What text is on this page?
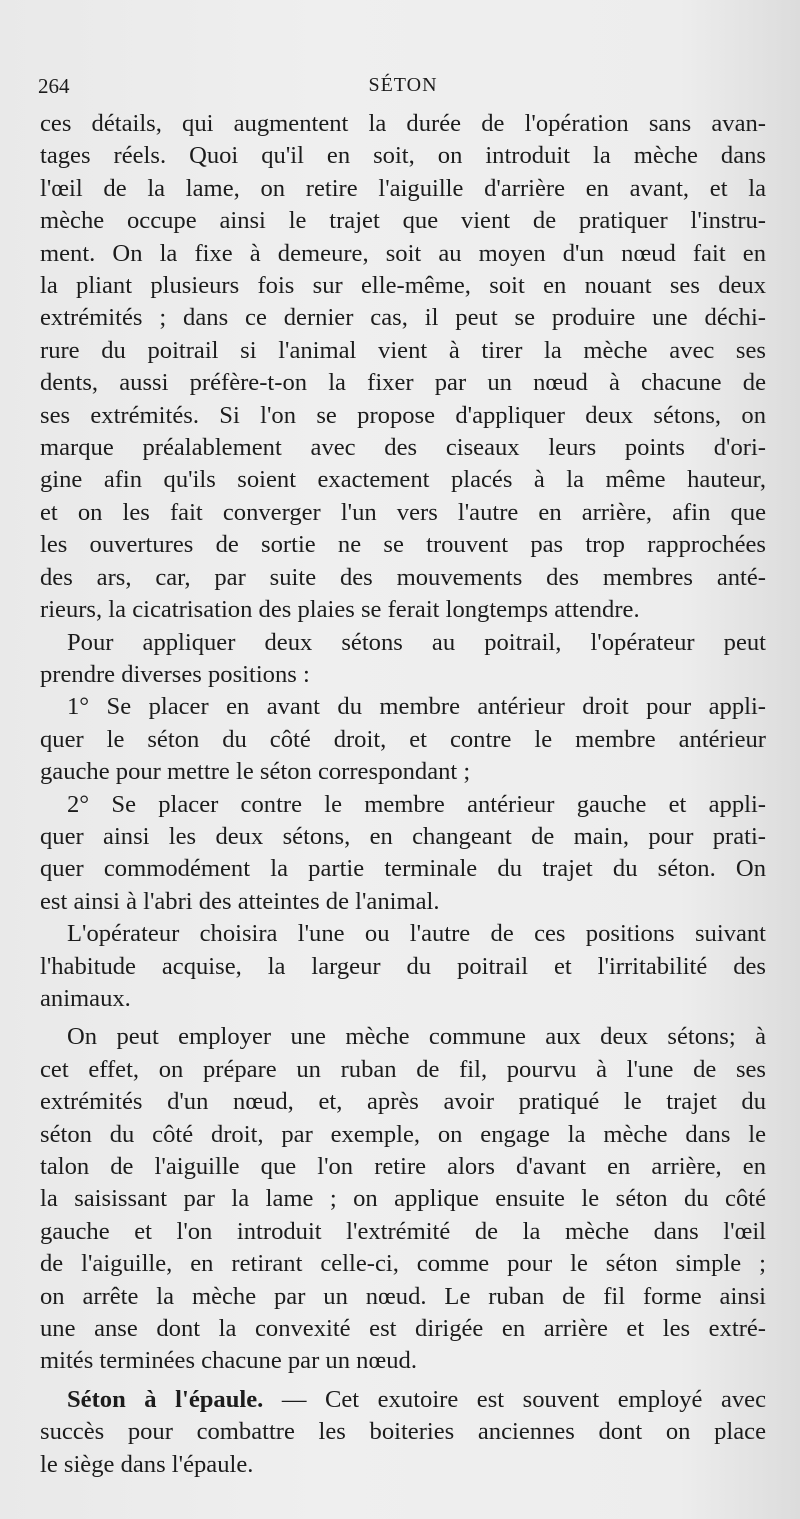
264	SÉTON

ces détails, qui augmentent la durée de l'opération sans avan-
tages réels. Quoi qu'il en soit, on introduit la mèche dans
l'œil de la lame, on retire l'aiguille d'arrière en avant, et la
mèche occupe ainsi le trajet que vient de pratiquer l'instru-
ment. On la fixe à demeure, soit au moyen d'un nœud fait en
la pliant plusieurs fois sur elle-même, soit en nouant ses deux
extrémités ; dans ce dernier cas, il peut se produire une déchi-
rure du poitrail si l'animal vient à tirer la mèche avec ses
dents, aussi préfère-t-on la fixer par un nœud à chacune de
ses extrémités. Si l'on se propose d'appliquer deux sétons, on
marque préalablement avec des ciseaux leurs points d'ori-
gine afin qu'ils soient exactement placés à la même hauteur,
et on les fait converger l'un vers l'autre en arrière, afin que
les ouvertures de sortie ne se trouvent pas trop rapprochées
des ars, car, par suite des mouvements des membres anté-
rieurs, la cicatrisation des plaies se ferait longtemps attendre.

Pour appliquer deux sétons au poitrail, l'opérateur peut
prendre diverses positions :

1° Se placer en avant du membre antérieur droit pour appli-
quer le séton du côté droit, et contre le membre antérieur
gauche pour mettre le séton correspondant ;

2° Se placer contre le membre antérieur gauche et appli-
quer ainsi les deux sétons, en changeant de main, pour prati-
quer commodément la partie terminale du trajet du séton. On
est ainsi à l'abri des atteintes de l'animal.

L'opérateur choisira l'une ou l'autre de ces positions suivant
l'habitude acquise, la largeur du poitrail et l'irritabilité des
animaux.

On peut employer une mèche commune aux deux sétons; à
cet effet, on prépare un ruban de fil, pourvu à l'une de ses
extrémités d'un nœud, et, après avoir pratiqué le trajet du
séton du côté droit, par exemple, on engage la mèche dans le
talon de l'aiguille que l'on retire alors d'avant en arrière, en
la saisissant par la lame ; on applique ensuite le séton du côté
gauche et l'on introduit l'extrémité de la mèche dans l'œil
de l'aiguille, en retirant celle-ci, comme pour le séton simple ;
on arrête la mèche par un nœud. Le ruban de fil forme ainsi
une anse dont la convexité est dirigée en arrière et les extré-
mités terminées chacune par un nœud.

Séton à l'épaule. — Cet exutoire est souvent employé avec
succès pour combattre les boiteries anciennes dont on place
le siège dans l'épaule.
